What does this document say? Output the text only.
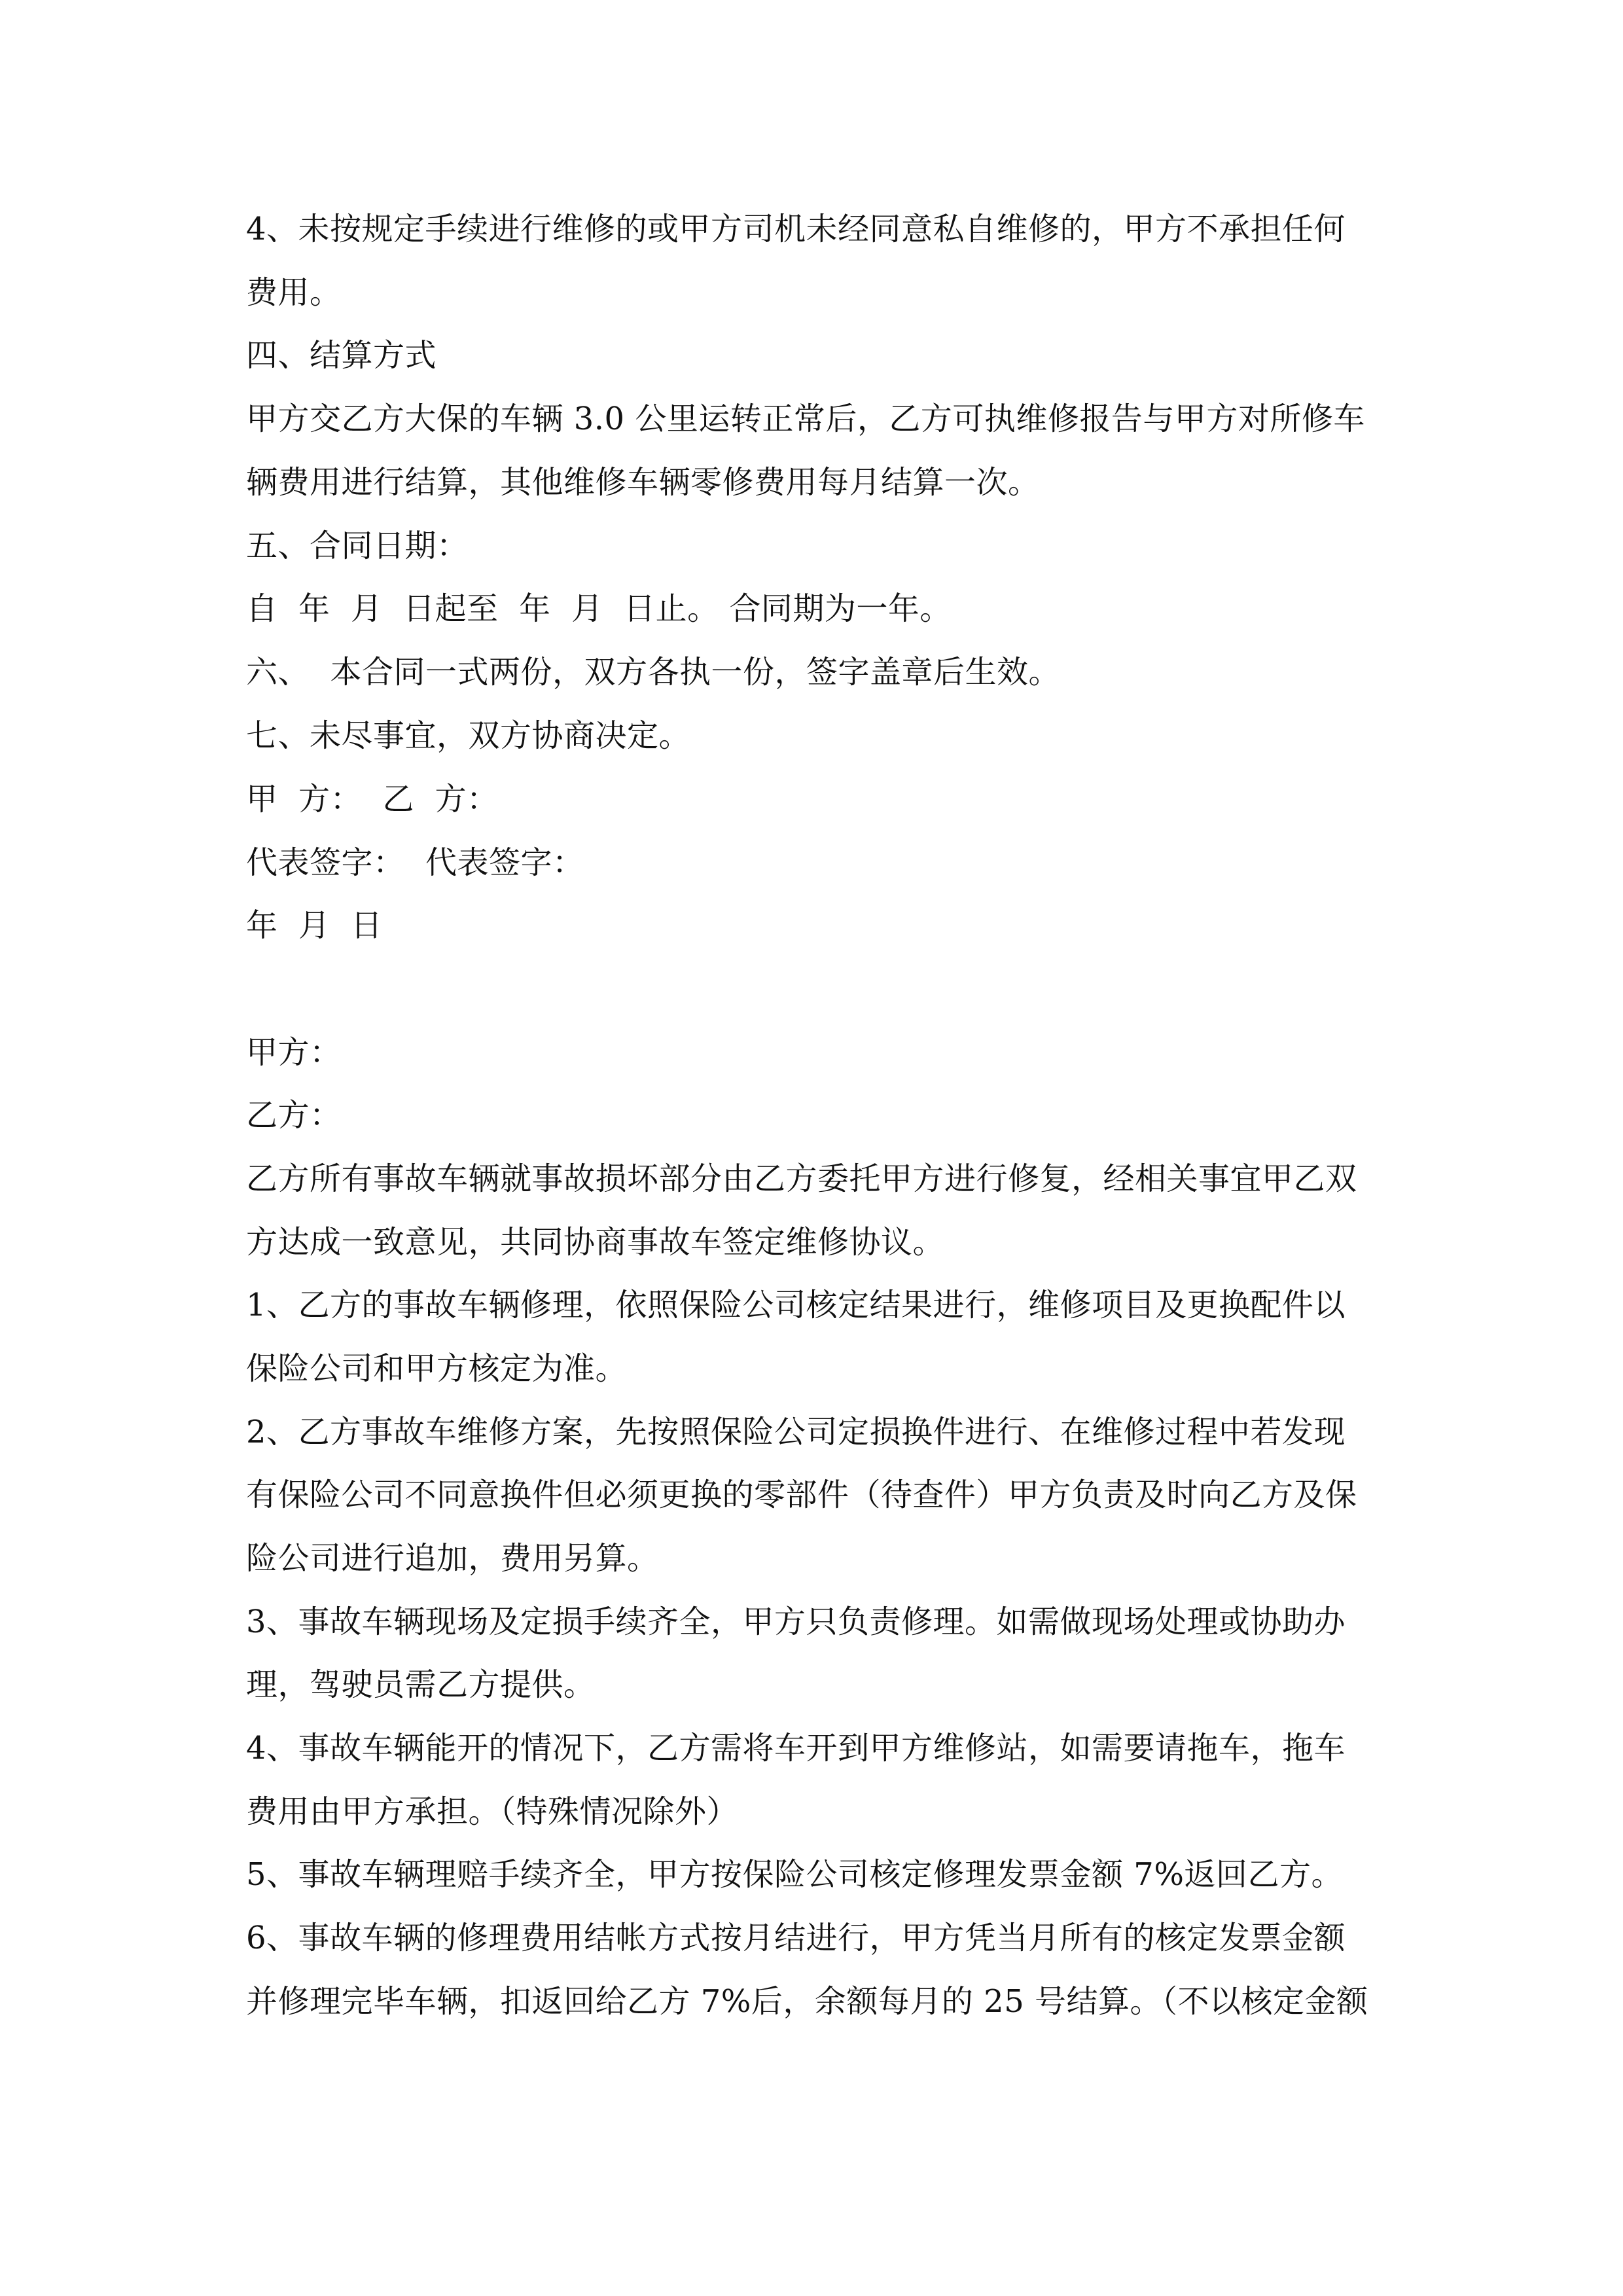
4、未按规定手续进行维修的或甲方司机未经同意私自维修的，甲方不承担任何
费用。
四、结算方式
甲方交乙方大保的车辆 3.0 公里运转正常后，乙方可执维修报告与甲方对所修车
辆费用进行结算，其他维修车辆零修费用每月结算一次。
五、合同日期：
自  年  月  日起至  年  月  日止。 合同期为一年。
六、  本合同一式两份，双方各执一份，签字盖章后生效。
七、未尽事宜，双方协商决定。
甲  方：  乙  方：
代表签字：  代表签字：
年  月  日
甲方：
乙方：
乙方所有事故车辆就事故损坏部分由乙方委托甲方进行修复，经相关事宜甲乙双
方达成一致意见，共同协商事故车签定维修协议。
1、乙方的事故车辆修理，依照保险公司核定结果进行，维修项目及更换配件以
保险公司和甲方核定为准。
2、乙方事故车维修方案，先按照保险公司定损换件进行、在维修过程中若发现
有保险公司不同意换件但必须更换的零部件（待查件）甲方负责及时向乙方及保
险公司进行追加，费用另算。
3、事故车辆现场及定损手续齐全，甲方只负责修理。如需做现场处理或协助办
理，驾驶员需乙方提供。
4、事故车辆能开的情况下，乙方需将车开到甲方维修站，如需要请拖车，拖车
费用由甲方承担。（特殊情况除外）
5、事故车辆理赔手续齐全，甲方按保险公司核定修理发票金额 7%返回乙方。
6、事故车辆的修理费用结帐方式按月结进行，甲方凭当月所有的核定发票金额
并修理完毕车辆，扣返回给乙方 7%后，余额每月的 25 号结算。（不以核定金额
